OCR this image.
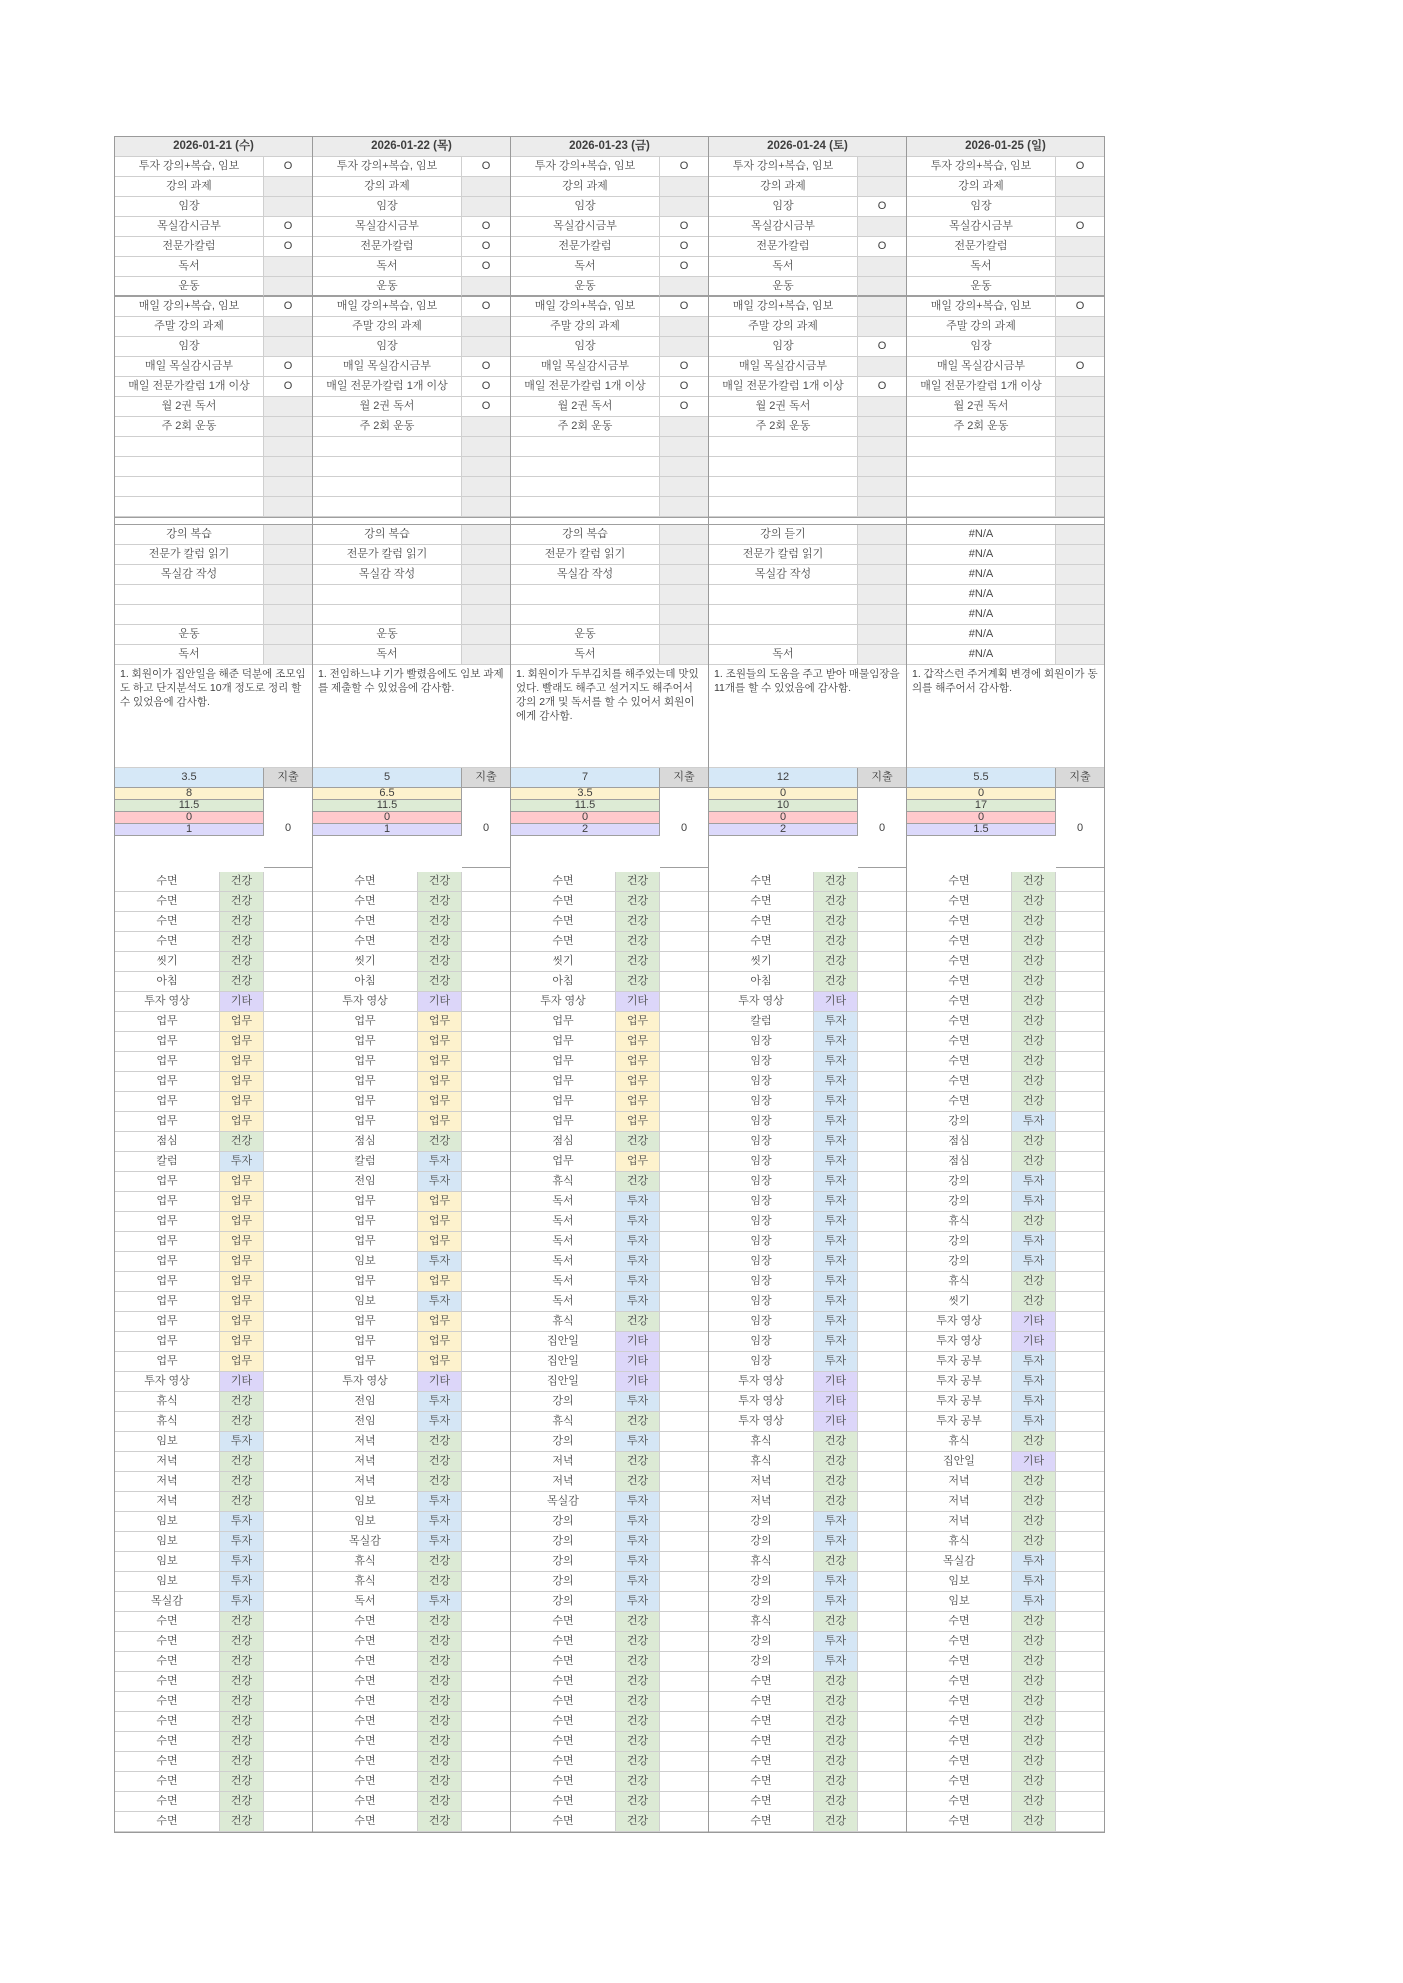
2026-01-21 (수)
투자 강의+복습, 임보	O
강의 과제
임장
목실감시금부	O
전문가칼럼	O
독서
운동
매일 강의+복습, 임보	O
주말 강의 과제
임장
매일 목실감시금부	O
매일 전문가칼럼 1개 이상	O
월 2권 독서
주 2회 운동
강의 복습
전문가 칼럼 읽기
목실감 작성
운동
독서
1. 회원이가 집안일을 해준 덕분에 조모임도 하고 단지분석도 10개 정도로 정리 할 수 있었음에 감사함.
3.5	지출
8
11.5
0
1	0
수면	건강
수면	건강
수면	건강
수면	건강
씻기	건강
아침	건강
투자 영상	기타
업무	업무
업무	업무
업무	업무
업무	업무
업무	업무
업무	업무
점심	건강
칼럼	투자
업무	업무
업무	업무
업무	업무
업무	업무
업무	업무
업무	업무
업무	업무
업무	업무
업무	업무
업무	업무
투자 영상	기타
휴식	건강
휴식	건강
임보	투자
저녁	건강
저녁	건강
저녁	건강
임보	투자
임보	투자
임보	투자
임보	투자
목실감	투자
수면	건강
수면	건강
수면	건강
수면	건강
수면	건강
수면	건강
수면	건강
수면	건강
수면	건강
수면	건강
수면	건강
2026-01-22 (목)
투자 강의+복습, 임보	O
강의 과제
임장
목실감시금부	O
전문가칼럼	O
독서	O
운동
매일 강의+복습, 임보	O
주말 강의 과제
임장
매일 목실감시금부	O
매일 전문가칼럼 1개 이상	O
월 2권 독서	O
주 2회 운동
강의 복습
전문가 칼럼 읽기
목실감 작성
운동
독서
1. 전임하느냐 기가 빨렸음에도 임보 과제를 제출할 수 있었음에 감사함.
5	지출
6.5
11.5
0
1	0
수면	건강
수면	건강
수면	건강
수면	건강
씻기	건강
아침	건강
투자 영상	기타
업무	업무
업무	업무
업무	업무
업무	업무
업무	업무
업무	업무
점심	건강
칼럼	투자
전임	투자
업무	업무
업무	업무
업무	업무
임보	투자
업무	업무
임보	투자
업무	업무
업무	업무
업무	업무
투자 영상	기타
전임	투자
전임	투자
저녁	건강
저녁	건강
저녁	건강
임보	투자
임보	투자
목실감	투자
휴식	건강
휴식	건강
독서	투자
수면	건강
수면	건강
수면	건강
수면	건강
수면	건강
수면	건강
수면	건강
수면	건강
수면	건강
수면	건강
수면	건강
2026-01-23 (금)
투자 강의+복습, 임보	O
강의 과제
임장
목실감시금부	O
전문가칼럼	O
독서	O
운동
매일 강의+복습, 임보	O
주말 강의 과제
임장
매일 목실감시금부	O
매일 전문가칼럼 1개 이상	O
월 2권 독서	O
주 2회 운동
강의 복습
전문가 칼럼 읽기
목실감 작성
운동
독서
1. 회원이가 두부김치를 해주었는데 맛있었다. 빨래도 해주고 설거지도 해주어서 강의 2개 및 독서를 할 수 있어서 회원이에게 감사함.
7	지출
3.5
11.5
0
2	0
수면	건강
수면	건강
수면	건강
수면	건강
씻기	건강
아침	건강
투자 영상	기타
업무	업무
업무	업무
업무	업무
업무	업무
업무	업무
업무	업무
점심	건강
업무	업무
휴식	건강
독서	투자
독서	투자
독서	투자
독서	투자
독서	투자
독서	투자
휴식	건강
집안일	기타
집안일	기타
집안일	기타
강의	투자
휴식	건강
강의	투자
저녁	건강
저녁	건강
목실감	투자
강의	투자
강의	투자
강의	투자
강의	투자
강의	투자
수면	건강
수면	건강
수면	건강
수면	건강
수면	건강
수면	건강
수면	건강
수면	건강
수면	건강
수면	건강
수면	건강
2026-01-24 (토)
투자 강의+복습, 임보
강의 과제
임장	O
목실감시금부
전문가칼럼	O
독서
운동
매일 강의+복습, 임보
주말 강의 과제
임장	O
매일 목실감시금부
매일 전문가칼럼 1개 이상	O
월 2권 독서
주 2회 운동
강의 듣기
전문가 칼럼 읽기
목실감 작성
독서
1. 조원들의 도움을 주고 받아 매물임장을 11개를 할 수 있었음에 감사함.
12	지출
0
10
0
2	0
수면	건강
수면	건강
수면	건강
수면	건강
씻기	건강
아침	건강
투자 영상	기타
칼럼	투자
임장	투자
임장	투자
임장	투자
임장	투자
임장	투자
임장	투자
임장	투자
임장	투자
임장	투자
임장	투자
임장	투자
임장	투자
임장	투자
임장	투자
임장	투자
임장	투자
임장	투자
투자 영상	기타
투자 영상	기타
투자 영상	기타
휴식	건강
휴식	건강
저녁	건강
저녁	건강
강의	투자
강의	투자
휴식	건강
강의	투자
강의	투자
휴식	건강
강의	투자
강의	투자
수면	건강
수면	건강
수면	건강
수면	건강
수면	건강
수면	건강
수면	건강
수면	건강
2026-01-25 (일)
투자 강의+복습, 임보	O
강의 과제
임장
목실감시금부	O
전문가칼럼
독서
운동
매일 강의+복습, 임보	O
주말 강의 과제
임장
매일 목실감시금부	O
매일 전문가칼럼 1개 이상
월 2권 독서
주 2회 운동
#N/A
#N/A
#N/A
#N/A
#N/A
#N/A
#N/A
1. 갑작스런 주거계획 변경에 회원이가 동의를 해주어서 감사함.
5.5	지출
0
17
0
1.5	0
수면	건강
수면	건강
수면	건강
수면	건강
수면	건강
수면	건강
수면	건강
수면	건강
수면	건강
수면	건강
수면	건강
수면	건강
강의	투자
점심	건강
점심	건강
강의	투자
강의	투자
휴식	건강
강의	투자
강의	투자
휴식	건강
씻기	건강
투자 영상	기타
투자 영상	기타
투자 공부	투자
투자 공부	투자
투자 공부	투자
투자 공부	투자
휴식	건강
집안일	기타
저녁	건강
저녁	건강
저녁	건강
휴식	건강
목실감	투자
임보	투자
임보	투자
수면	건강
수면	건강
수면	건강
수면	건강
수면	건강
수면	건강
수면	건강
수면	건강
수면	건강
수면	건강
수면	건강
